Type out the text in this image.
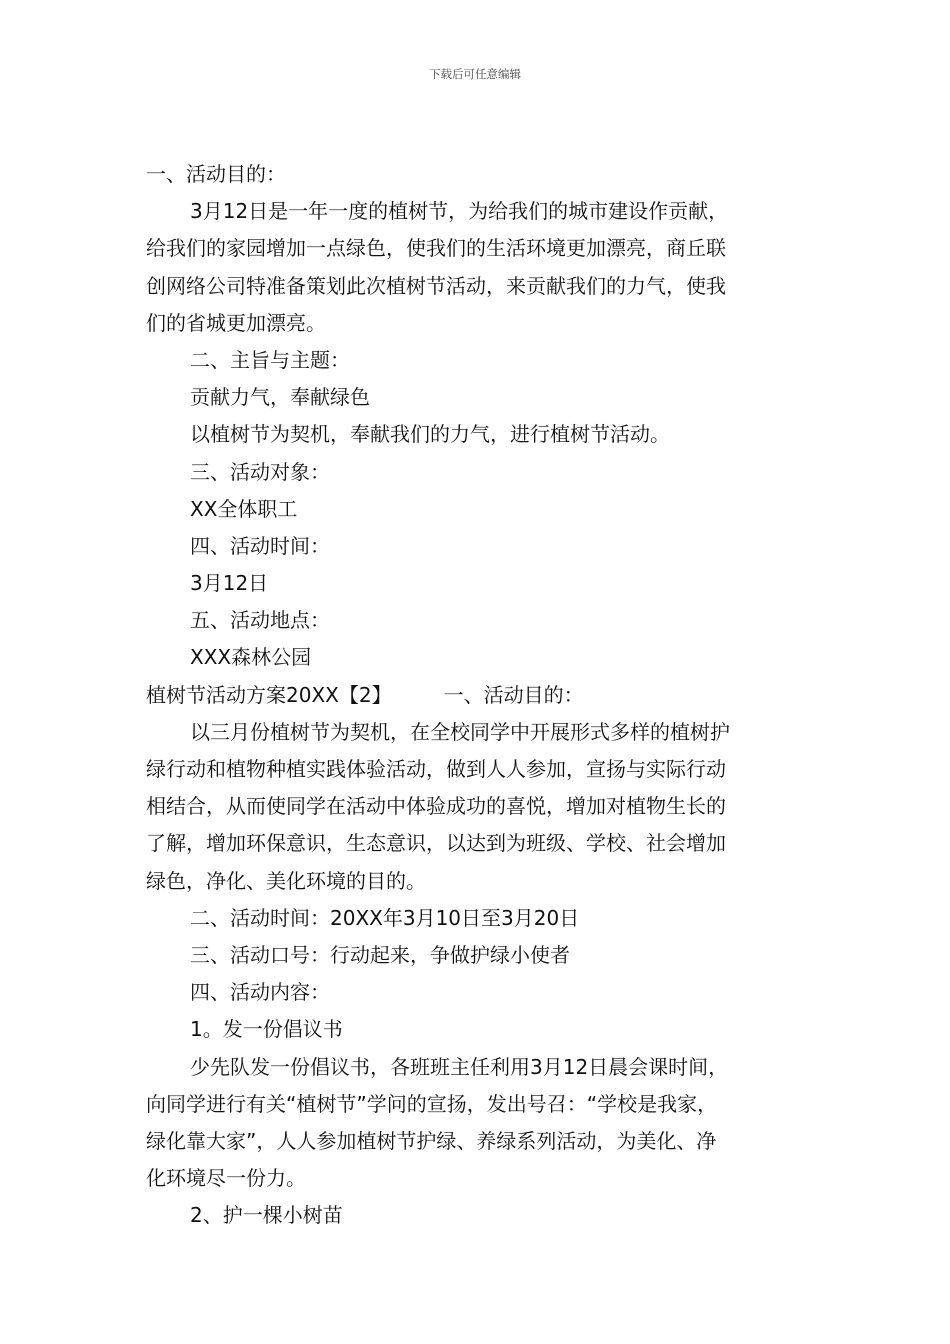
下载后可任意编辑
一、活动目的：
3月12日是一年一度的植树节，为给我们的城市建设作贡献，
给我们的家园增加一点绿色，使我们的生活环境更加漂亮，商丘联
创网络公司特准备策划此次植树节活动，来贡献我们的力气，使我
们的省城更加漂亮。
二、主旨与主题：
贡献力气，奉献绿色
以植树节为契机，奉献我们的力气，进行植树节活动。
三、活动对象：
XX全体职工
四、活动时间：
3月12日
五、活动地点：
XXX森林公园
植树节活动方案20XX【2】	一、活动目的：
以三月份植树节为契机，在全校同学中开展形式多样的植树护
绿行动和植物种植实践体验活动，做到人人参加，宣扬与实际行动
相结合，从而使同学在活动中体验成功的喜悦，增加对植物生长的
了解，增加环保意识，生态意识，以达到为班级、学校、社会增加
绿色，净化、美化环境的目的。
二、活动时间：20XX年3月10日至3月20日
三、活动口号：行动起来，争做护绿小使者
四、活动内容：
1。发一份倡议书
少先队发一份倡议书，各班班主任利用3月12日晨会课时间，
向同学进行有关“植树节”学问的宣扬，发出号召：“学校是我家，
绿化靠大家”，人人参加植树节护绿、养绿系列活动，为美化、净
化环境尽一份力。
2、护一棵小树苗
